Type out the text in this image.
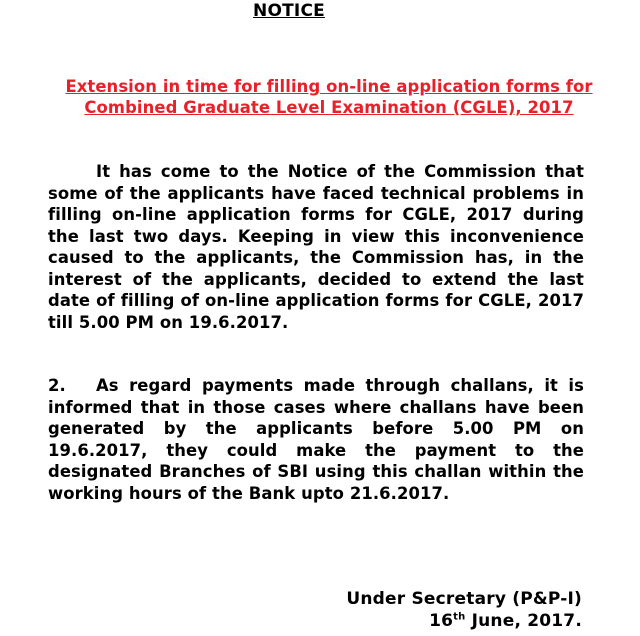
NOTICE
Extension in time for filling on-line application forms for Combined Graduate Level Examination (CGLE), 2017
It has come to the Notice of the Commission that some of the applicants have faced technical problems in filling on-line application forms for CGLE, 2017 during the last two days. Keeping in view this inconvenience caused to the applicants, the Commission has, in the interest of the applicants, decided to extend the last date of filling of on-line application forms for CGLE, 2017 till 5.00 PM on 19.6.2017.
2. As regard payments made through challans, it is informed that in those cases where challans have been generated by the applicants before 5.00 PM on 19.6.2017, they could make the payment to the designated Branches of SBI using this challan within the working hours of the Bank upto 21.6.2017.
Under Secretary (P&P-I)
16th June, 2017.
